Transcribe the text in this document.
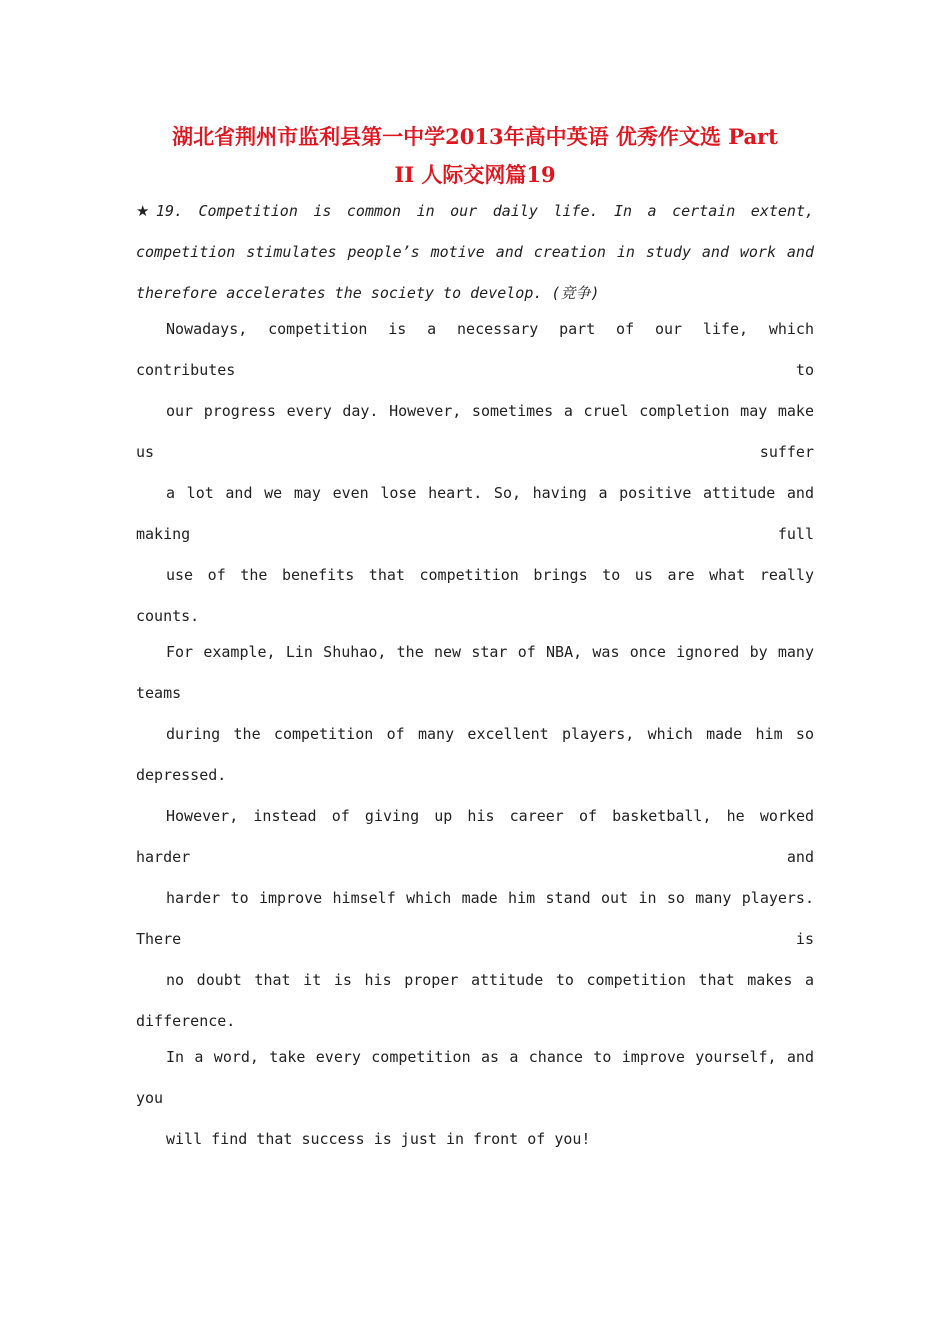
湖北省荆州市监利县第一中学2013年高中英语 优秀作文选 Part
II 人际交网篇19

★19. Competition is common in our daily life. In a certain extent,
competition stimulates people’s motive and creation in study and work and
therefore accelerates the society to develop. (竞争)

Nowadays, competition is a necessary part of our life, which contributes to
our progress every day. However, sometimes a cruel completion may make us suffer
a lot and we may even lose heart. So, having a positive attitude and making full
use of the benefits that competition brings to us are what really counts.

For example, Lin Shuhao, the new star of NBA, was once ignored by many teams
during the competition of many excellent players, which made him so depressed.
However, instead of giving up his career of basketball, he worked harder and
harder to improve himself which made him stand out in so many players. There is
no doubt that it is his proper attitude to competition that makes a difference.

In a word, take every competition as a chance to improve yourself, and you
will find that success is just in front of you!
